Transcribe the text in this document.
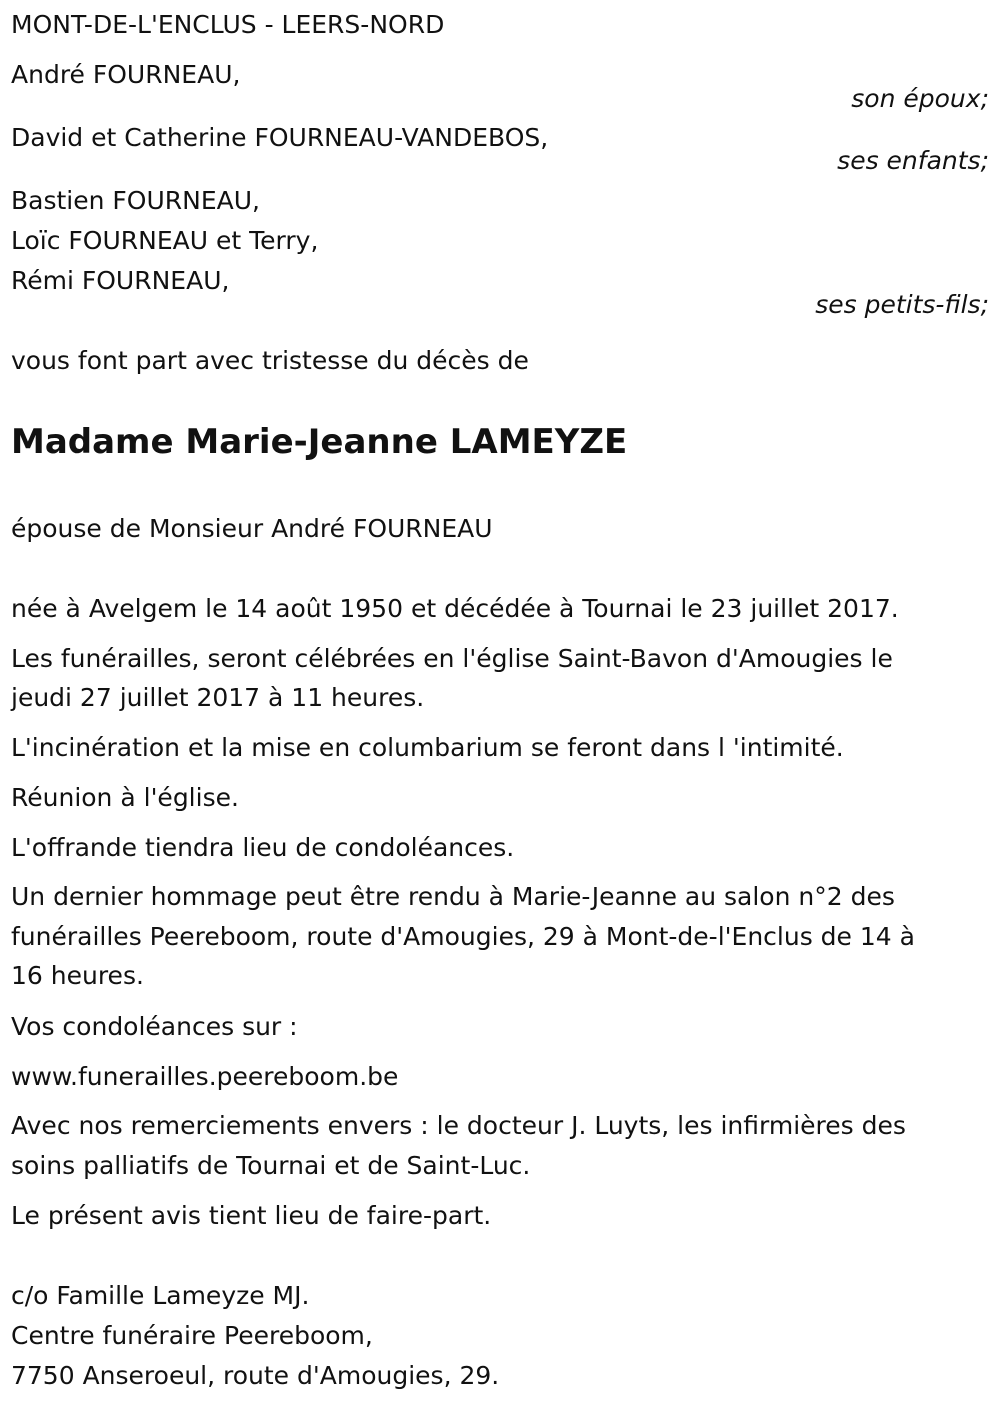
MONT-DE-L'ENCLUS - LEERS-NORD
André FOURNEAU,
son époux;
David et Catherine FOURNEAU-VANDEBOS,
ses enfants;
Bastien FOURNEAU,
Loïc FOURNEAU et Terry,
Rémi FOURNEAU,
ses petits-fils;
vous font part avec tristesse du décès de
Madame Marie-Jeanne LAMEYZE
épouse de Monsieur André FOURNEAU
née à Avelgem le 14 août 1950 et décédée à Tournai le 23 juillet 2017.
Les funérailles, seront célébrées en l'église Saint-Bavon d'Amougies le
jeudi 27 juillet 2017 à 11 heures.
L'incinération et la mise en columbarium se feront dans l 'intimité.
Réunion à l'église.
L'offrande tiendra lieu de condoléances.
Un dernier hommage peut être rendu à Marie-Jeanne au salon n°2 des
funérailles Peereboom, route d'Amougies, 29 à Mont-de-l'Enclus de 14 à
16 heures.
Vos condoléances sur :
www.funerailles.peereboom.be
Avec nos remerciements envers : le docteur J. Luyts, les infirmières des
soins palliatifs de Tournai et de Saint-Luc.
Le présent avis tient lieu de faire-part.
c/o Famille Lameyze MJ.
Centre funéraire Peereboom,
7750 Anseroeul, route d'Amougies, 29.
